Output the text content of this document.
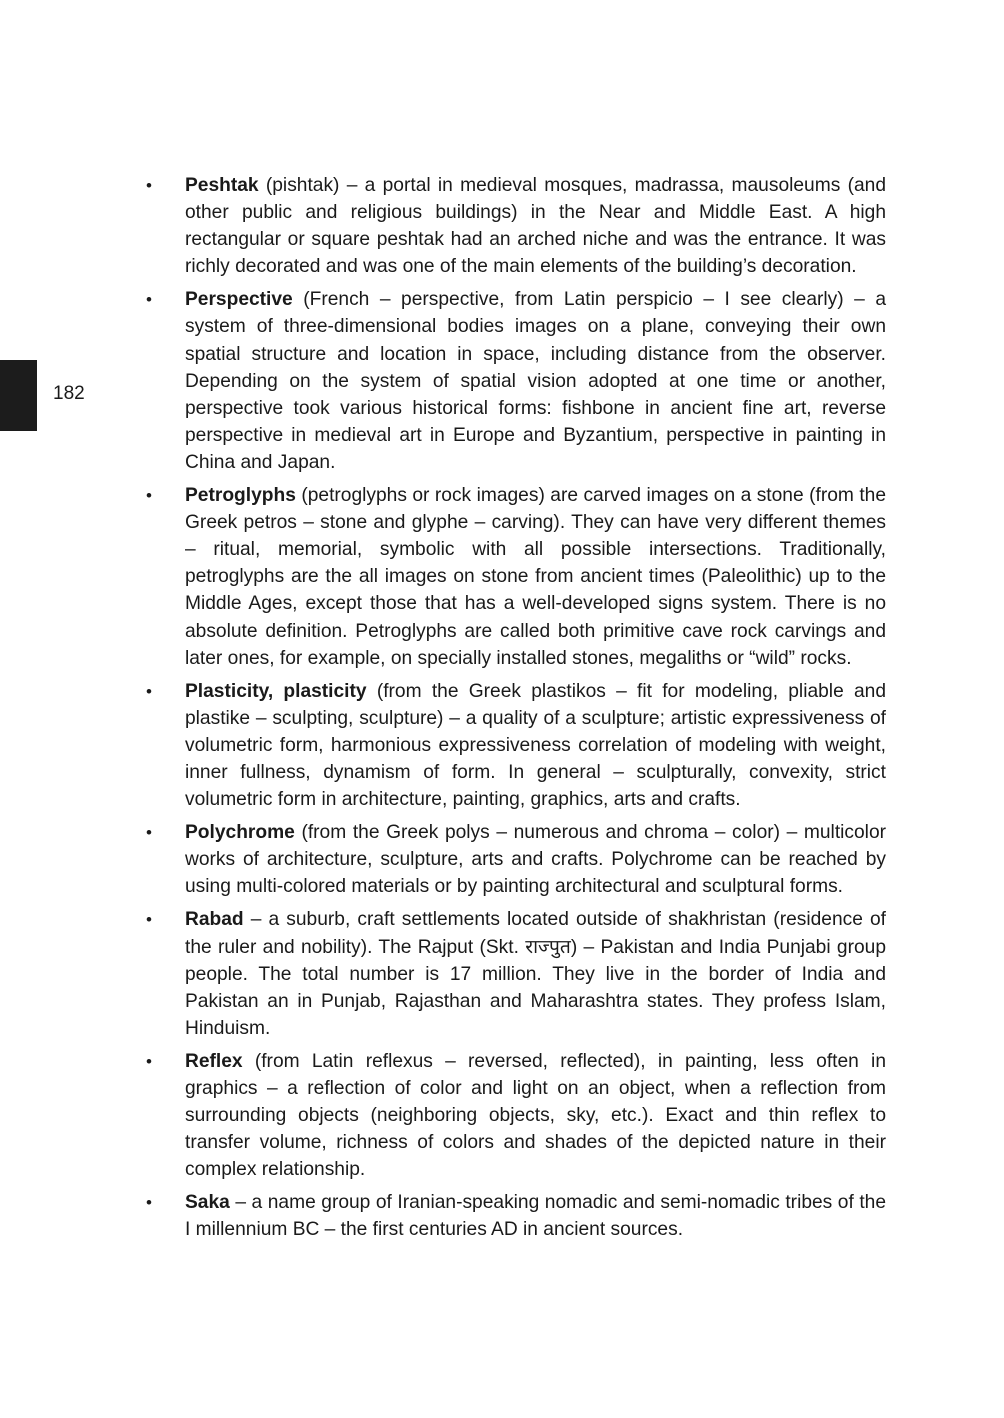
182
• Peshtak (pishtak) – a portal in medieval mosques, madrassa, mausoleums (and other public and religious buildings) in the Near and Middle East. A high rectangular or square peshtak had an arched niche and was the entrance. It was richly decorated and was one of the main elements of the building’s decoration.
• Perspective (French – perspective, from Latin perspicio – I see clearly) – a system of three-dimensional bodies images on a plane, conveying their own spatial structure and location in space, including distance from the observer. Depending on the system of spatial vision adopted at one time or another, perspective took various historical forms: fishbone in ancient fine art, reverse perspective in medieval art in Europe and Byzantium, perspective in painting in China and Japan.
• Petroglyphs (petroglyphs or rock images) are carved images on a stone (from the Greek petros – stone and glyphe – carving). They can have very different themes – ritual, memorial, symbolic with all possible intersections. Traditionally, petroglyphs are the all images on stone from ancient times (Paleolithic) up to the Middle Ages, except those that has a well-developed signs system. There is no absolute definition. Petroglyphs are called both primitive cave rock carvings and later ones, for example, on specially installed stones, megaliths or “wild” rocks.
• Plasticity, plasticity (from the Greek plastikos – fit for modeling, pliable and plastike – sculpting, sculpture) – a quality of a sculpture; artistic expressiveness of volumetric form, harmonious expressiveness correlation of modeling with weight, inner fullness, dynamism of form. In general – sculpturally, convexity, strict volumetric form in architecture, painting, graphics, arts and crafts.
• Polychrome (from the Greek polys – numerous and chroma – color) – multicolor works of architecture, sculpture, arts and crafts. Polychrome can be reached by using multi-colored materials or by painting architectural and sculptural forms.
• Rabad – a suburb, craft settlements located outside of shakhristan (residence of the ruler and nobility). The Rajput (Skt. राज्पुत) – Pakistan and India Punjabi group people. The total number is 17 million. They live in the border of India and Pakistan an in Punjab, Rajasthan and Maharashtra states. They profess Islam, Hinduism.
• Reflex (from Latin reflexus – reversed, reflected), in painting, less often in graphics – a reflection of color and light on an object, when a reflection from surrounding objects (neighboring objects, sky, etc.). Exact and thin reflex to transfer volume, richness of colors and shades of the depicted nature in their complex relationship.
• Saka – a name group of Iranian-speaking nomadic and semi-nomadic tribes of the I millennium BC – the first centuries AD in ancient sources.
